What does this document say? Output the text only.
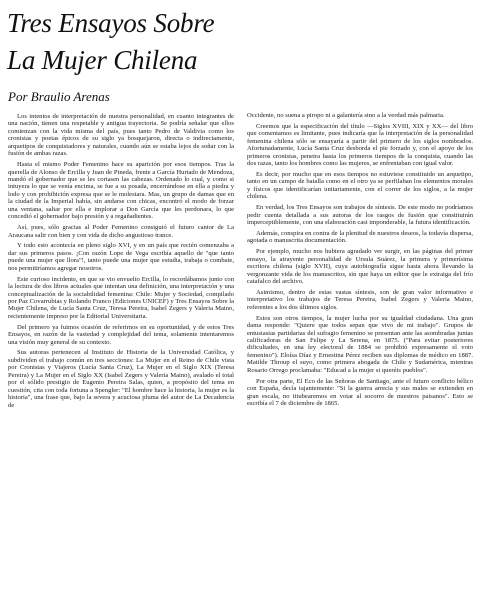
Tres Ensayos Sobre
La Mujer Chilena
Por Braulio Arenas

Los intentos de interpretación de nuestra personalidad, en cuanto integrantes de una nación, tienen una respetable y antigua trayectoria. Se podría señalar que ellos comienzan con la vida misma del país, pues tanto Pedro de Valdivia como los cronistas y poetas épicos de su siglo ya bosquejaron, directa o indirectamente, arquetipos de conquistadores y naturales, cuando aún se estaba lejos de soñar con la fusión de ambas razas.

Hasta el mismo Poder Femenino hace su aparición por esos tiempos. Tras la querella de Alonso de Ercilla y Juan de Pineda, frente a García Hurtado de Mendoza, mandó el gobernador que se les cortasen las cabezas. Ordenado lo cual, y como si intuyera lo que se venía encima, se fue a su posada, encerrándose en ella a piedra y lodo y con prohibición expresa que se le molestara. Mas, un grupo de damas que en la ciudad de la Imperial había, sin andarse con chicas, encontró el modo de forzar una ventana, saltar por ella e implorar a Don García que les perdonara, lo que concedió el gobernador bajo presión y a regañadientes.

Así, pues, sólo gracias al Poder Femenino consiguió el futuro cantor de La Araucana salir con bien y con vida de dicho angustioso trance.

Y todo esto acontecía en pleno siglo XVI, y en un país que recién comenzaba a dar sus primeros pasos. ¡Con razón Lope de Vega escribía aquello de "que tanto puede una mujer que llora"!, tanto puede una mujer que estudia, trabaja o combate, nos permitiríamos agregar nosotros.

Este curioso incidente, en que se vio envuelto Ercilla, lo recordábamos junto con la lectura de dos libros actuales que intentan una definición, una interpretación y una conceptualización de la sociabilidad femenina: Chile: Mujer y Sociedad, compilado por Paz Covarrubias y Rolando Franco (Ediciones UNICEF) y Tres Ensayos Sobre la Mujer Chilena, de Lucía Santa Cruz, Teresa Pereira, Isabel Zegers y Valeria Maino, recientemente impreso por la Editorial Universitaria.

Del primero ya fuimos ocasión de referirnos en su oportunidad, y de estos Tres Ensayos, en razón de la vastedad y complejidad del tema, solamente intentaremos una visión muy general de su contexto.

Sus autoras pertenecen al Instituto de Historia de la Universidad Católica, y subdividen el trabajo común en tres secciones: La Mujer en el Reino de Chile vista por Cronistas y Viajeros (Lucía Santa Cruz), La Mujer en el Siglo XIX (Teresa Pereira) y La Mujer en el Siglo XX (Isabel Zegers y Valeria Maino), avalado el total por el sólido prestigio de Eugenio Pereira Salas, quien, a propósito del tema en cuestión, cita con toda fortuna a Spengler: "El hombre hace la historia, la mujer es la historia", una frase que, bajo la severa y acuciosa pluma del autor de La Decadencia de

Occidente, no suena a piropo ni a galantería sino a la verdad más palmaria.

Creemos que la especificación del título —Siglos XVIII, XIX y XX— del libro que comentamos es limitante, pues indicaría que la interpretación de la personalidad femenina chilena sólo se ensayaría a partir del primero de los siglos nombrados. Afortunadamente, Lucía Santa Cruz desborda el pie forzado y, con el apoyo de los primeros cronistas, penetra hasta los primeros tiempos de la conquista, cuando las dos razas, tanto los hombres como las mujeres, se enfrentaban con igual valor.

Es decir, por mucho que en esos tiempos no estuviese constituido un arquetipo, tanto en un campo de batalla como en el otro ya se perfilaban los elementos morales y físicos que identificarían unitariamente, con el correr de los siglos, a la mujer chilena.

En verdad, los Tres Ensayos son trabajos de síntesis. De este modo no podríamos pedir cuenta detallada a sus autoras de los rasgos de fusión que constituirán imperceptiblemente, con una elaboración casi imponderable, la futura identificación.

Además, conspira en contra de la plenitud de nuestros deseos, la todavía dispersa, agotada o manuscrita documentación.

Por ejemplo, mucho nos hubiera agradado ver surgir, en las páginas del primer ensayo, la atrayente personalidad de Ursula Suárez, la primera y primerísima escritora chilena (siglo XVII), cuya autobiografía sigue hasta ahora llevando la vergonzante vida de los manuscritos, sin que haya un editor que le extraiga del frío catafalco del archivo.

Asimismo, dentro de estas vastas síntesis, son de gran valor informativo e interpretativo los trabajos de Teresa Pereira, Isabel Zegers y Valeria Maino, referentes a los dos últimos siglos.

Estos son otros tiempos, la mujer lucha por su igualdad ciudadana. Una gran dama responde: "Quiere que todos sepan que vivo de mi trabajo". Grupos de entusiastas partidarias del sufragio femenino se presentan ante las asombradas juntas calificadoras de San Felipe y La Serena, en 1875. ("Para evitar posteriores dificultades, en una ley electoral de 1884 se prohibió expresamente el voto femenino"). Eloísa Díaz y Ernestina Pérez reciben sus diplomas de médico en 1887. Matilde Throup el suyo, como primera abogada de Chile y Sudamérica, mientras Rosario Orrego proclamaba: "Educad a la mujer si queréis pueblos".

Por otra parte, El Eco de las Señoras de Santiago, ante el futuro conflicto bélico con España, decía tajantemente: "Si la guerra arrecia y sus males se extienden en gran escala, no titubearemos en votar al socorro de nuestros paisanos". Esto se escribía el 7 de diciembre de 1865.
